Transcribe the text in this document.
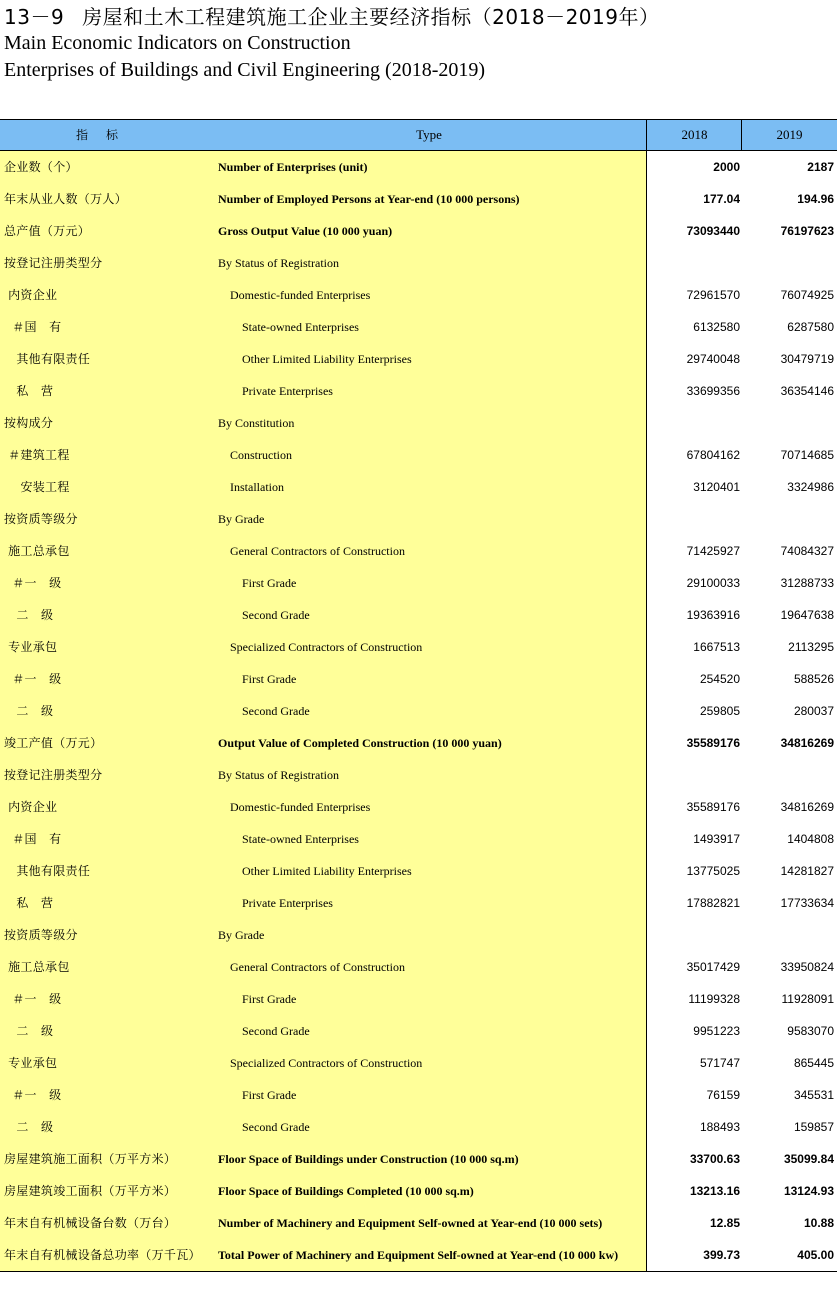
13－9 房屋和土木工程建筑施工企业主要经济指标（2018－2019年）
Main Economic Indicators on Construction
Enterprises of Buildings and Civil Engineering (2018-2019)
指标	Type	2018	2019
企业数（个）	Number of Enterprises (unit)	2000	2187
年末从业人数（万人）	Number of Employed Persons at Year-end (10 000 persons)	177.04	194.96
总产值（万元）	Gross Output Value (10 000 yuan)	73093440	76197623
按登记注册类型分	By Status of Registration
内资企业	Domestic-funded Enterprises	72961570	76074925
＃国　有	State-owned Enterprises	6132580	6287580
其他有限责任	Other Limited Liability Enterprises	29740048	30479719
私　营	Private Enterprises	33699356	36354146
按构成分	By Constitution
＃建筑工程	Construction	67804162	70714685
安装工程	Installation	3120401	3324986
按资质等级分	By Grade
施工总承包	General Contractors of Construction	71425927	74084327
＃一　级	First Grade	29100033	31288733
二　级	Second Grade	19363916	19647638
专业承包	Specialized Contractors of Construction	1667513	2113295
＃一　级	First Grade	254520	588526
二　级	Second Grade	259805	280037
竣工产值（万元）	Output Value of Completed Construction (10 000 yuan)	35589176	34816269
按登记注册类型分	By Status of Registration
内资企业	Domestic-funded Enterprises	35589176	34816269
＃国　有	State-owned Enterprises	1493917	1404808
其他有限责任	Other Limited Liability Enterprises	13775025	14281827
私　营	Private Enterprises	17882821	17733634
按资质等级分	By Grade
施工总承包	General Contractors of Construction	35017429	33950824
＃一　级	First Grade	11199328	11928091
二　级	Second Grade	9951223	9583070
专业承包	Specialized Contractors of Construction	571747	865445
＃一　级	First Grade	76159	345531
二　级	Second Grade	188493	159857
房屋建筑施工面积（万平方米）	Floor Space of Buildings under Construction (10 000 sq.m)	33700.63	35099.84
房屋建筑竣工面积（万平方米）	Floor Space of Buildings Completed (10 000 sq.m)	13213.16	13124.93
年末自有机械设备台数（万台）	Number of Machinery and Equipment Self-owned at Year-end (10 000 sets)	12.85	10.88
年末自有机械设备总功率（万千瓦） Total Power of Machinery and Equipment Self-owned at Year-end (10 000 kw)	399.73	405.00
